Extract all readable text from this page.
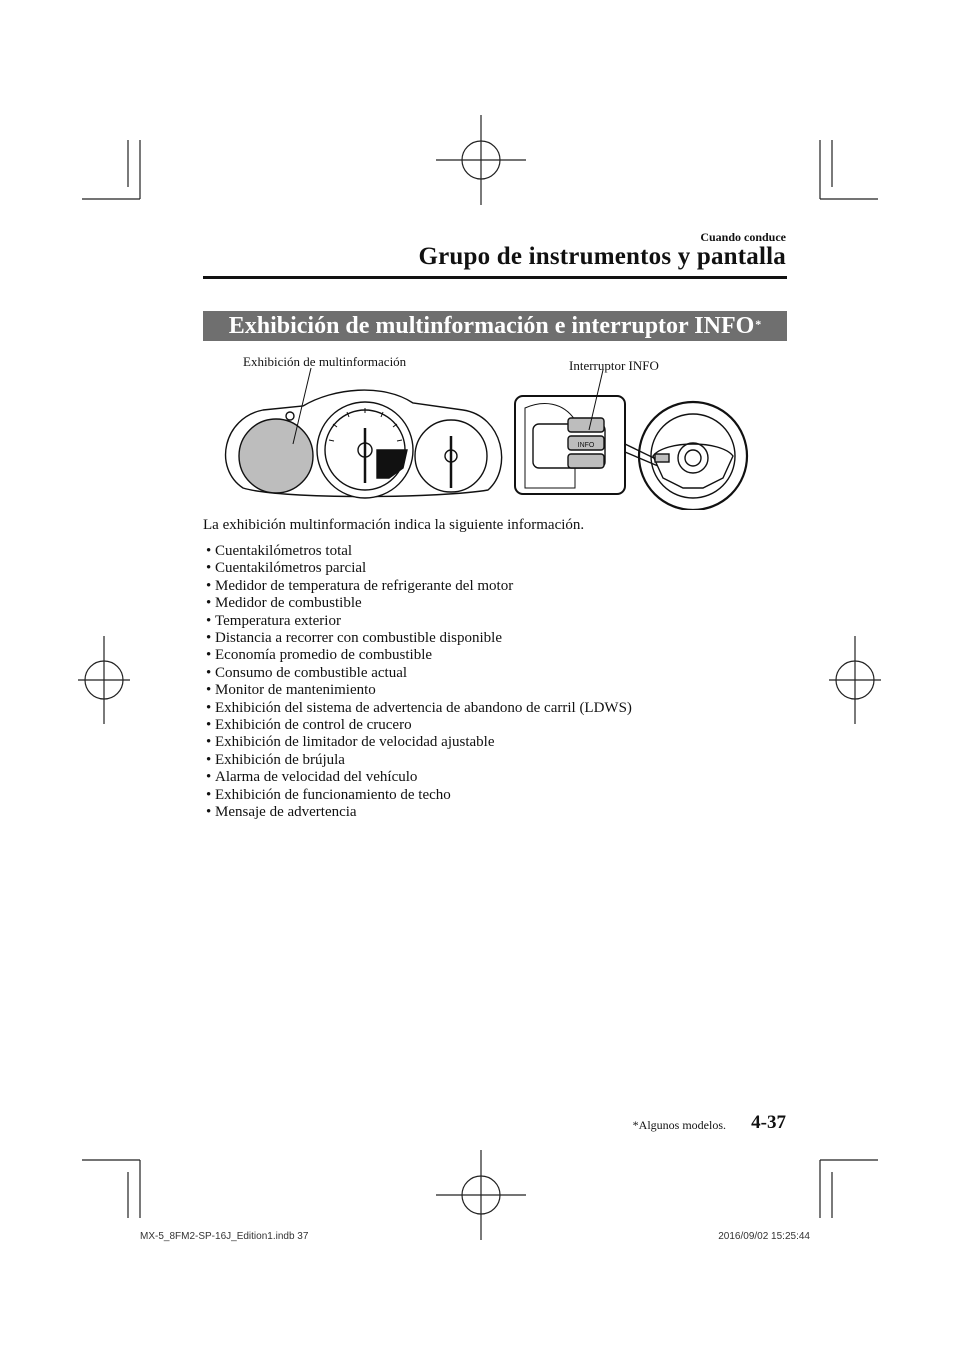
Cuando conduce
Grupo de instrumentos y pantalla
Exhibición de multinformación e interruptor INFO*
INFO
Exhibición de multinformación	Interruptor INFO
La exhibición multinformación indica la siguiente información.
• Cuentakilómetros total
• Cuentakilómetros parcial
• Medidor de temperatura de refrigerante del motor
• Medidor de combustible
• Temperatura exterior
• Distancia a recorrer con combustible disponible
• Economía promedio de combustible
• Consumo de combustible actual
• Monitor de mantenimiento
• Exhibición del sistema de advertencia de abandono de carril (LDWS)
• Exhibición de control de crucero
• Exhibición de limitador de velocidad ajustable
• Exhibición de brújula
• Alarma de velocidad del vehículo
• Exhibición de funcionamiento de techo
• Mensaje de advertencia
*Algunos modelos. 4-37
MX-5_8FM2-SP-16J_Edition1.indb 37	2016/09/02 15:25:44
